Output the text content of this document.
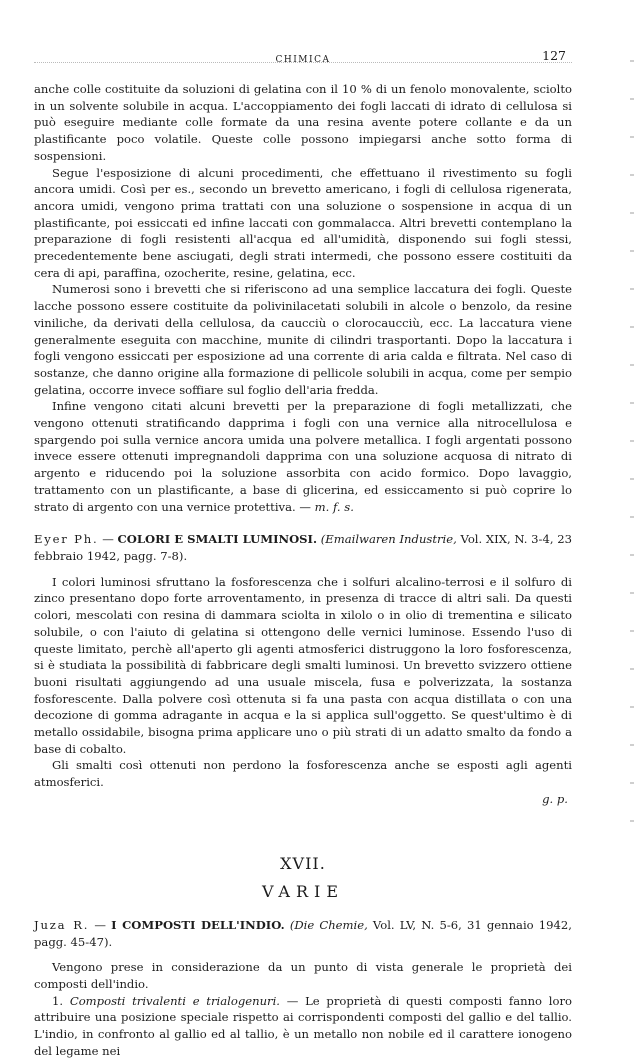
CHIMICA	127

anche colle costituite da soluzioni di gelatina con il 10 % di un fenolo monovalente, sciolto in un solvente solubile in acqua. L'accoppiamento dei fogli laccati di idrato di cellulosa si può eseguire mediante colle formate da una resina avente potere collante e da un plastificante poco volatile. Queste colle possono impiegarsi anche sotto forma di sospensioni.

Segue l'esposizione di alcuni procedimenti, che effettuano il rivestimento su fogli ancora umidi. Così per es., secondo un brevetto americano, i fogli di cellulosa rigenerata, ancora umidi, vengono prima trattati con una soluzione o sospensione in acqua di un plastificante, poi essiccati ed infine laccati con gommalacca. Altri brevetti contemplano la preparazione di fogli resistenti all'acqua ed all'umidità, disponendo sui fogli stessi, precedentemente bene asciugati, degli strati intermedi, che possono essere costituiti da cera di api, paraffina, ozocherite, resine, gelatina, ecc.

Numerosi sono i brevetti che si riferiscono ad una semplice laccatura dei fogli. Queste lacche possono essere costituite da polivinilacetati solubili in alcole o benzolo, da resine viniliche, da derivati della cellulosa, da caucciù o clorocaucciù, ecc. La laccatura viene generalmente eseguita con macchine, munite di cilindri trasportanti. Dopo la laccatura i fogli vengono essiccati per esposizione ad una corrente di aria calda e filtrata. Nel caso di sostanze, che danno origine alla formazione di pellicole solubili in acqua, come per sempio gelatina, occorre invece soffiare sul foglio dell'aria fredda.

Infine vengono citati alcuni brevetti per la preparazione di fogli metallizzati, che vengono ottenuti stratificando dapprima i fogli con una vernice alla nitrocellulosa e spargendo poi sulla vernice ancora umida una polvere metallica. I fogli argentati possono invece essere ottenuti impregnandoli dapprima con una soluzione acquosa di nitrato di argento e riducendo poi la soluzione assorbita con acido formico. Dopo lavaggio, trattamento con un plastificante, a base di glicerina, ed essiccamento si può coprire lo strato di argento con una vernice protettiva. — m. f. s.

Eyer Ph. — COLORI E SMALTI LUMINOSI. (Emailwaren Industrie, Vol. XIX, N. 3-4, 23 febbraio 1942, pagg. 7-8).

I colori luminosi sfruttano la fosforescenza che i solfuri alcalino-terrosi e il solfuro di zinco presentano dopo forte arroventamento, in presenza di tracce di altri sali. Da questi colori, mescolati con resina di dammara sciolta in xilolo o in olio di trementina e silicato solubile, o con l'aiuto di gelatina si ottengono delle vernici luminose. Essendo l'uso di queste limitato, perchè all'aperto gli agenti atmosferici distruggono la loro fosforescenza, si è studiata la possibilità di fabbricare degli smalti luminosi. Un brevetto svizzero ottiene buoni risultati aggiungendo ad una usuale miscela, fusa e polverizzata, la sostanza fosforescente. Dalla polvere così ottenuta si fa una pasta con acqua distillata o con una decozione di gomma adragante in acqua e la si applica sull'oggetto. Se quest'ultimo è di metallo ossidabile, bisogna prima applicare uno o più strati di un adatto smalto da fondo a base di cobalto.

Gli smalti così ottenuti non perdono la fosforescenza anche se esposti agli agenti atmosferici.

g. p.

XVII.
VARIE

Juza R. — I COMPOSTI DELL'INDIO. (Die Chemie, Vol. LV, N. 5-6, 31 gennaio 1942, pagg. 45-47).

Vengono prese in considerazione da un punto di vista generale le proprietà dei composti dell'indio.

1. Composti trivalenti e trialogenuri. — Le proprietà di questi composti fanno loro attribuire una posizione speciale rispetto ai corrispondenti composti del gallio e del tallio. L'indio, in confronto al gallio ed al tallio, è un metallo non nobile ed il carattere ionogeno del legame nei
